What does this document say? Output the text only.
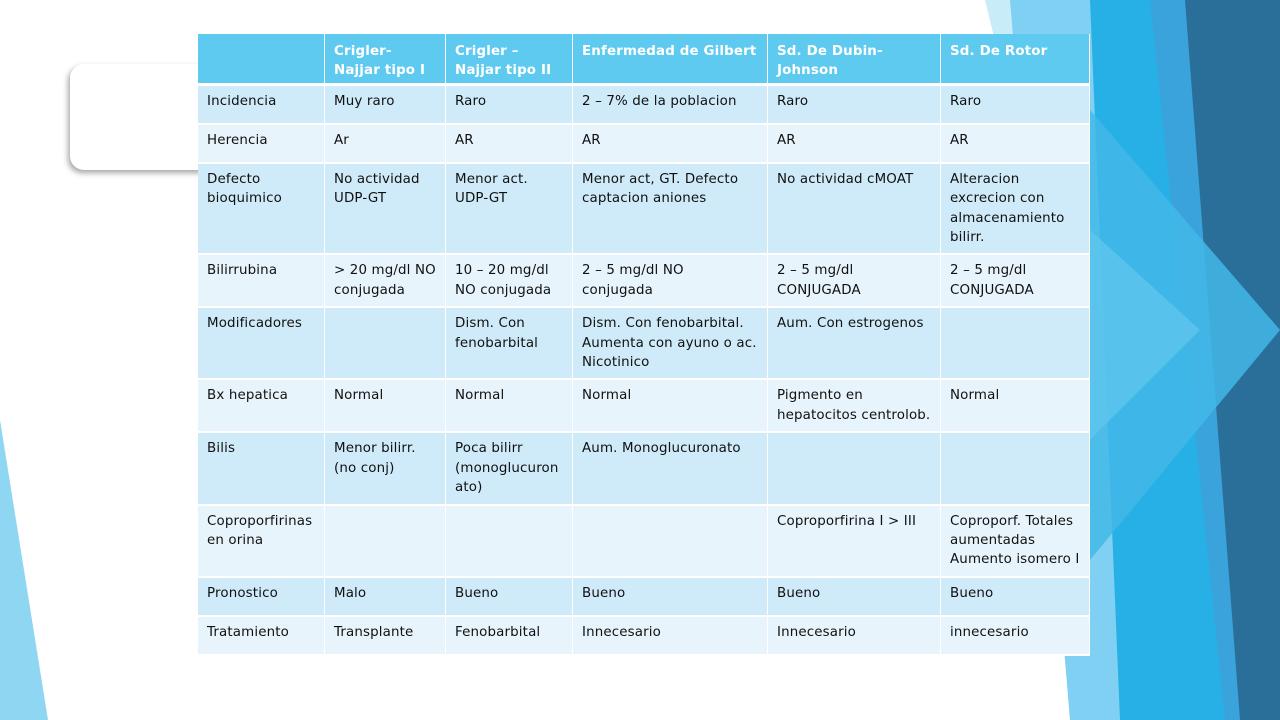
	Crigler-Najjar tipo I	Crigler – Najjar tipo II	Enfermedad de Gilbert	Sd. De Dubin-Johnson	Sd. De Rotor
Incidencia	Muy raro	Raro	2 – 7% de la poblacion	Raro	Raro
Herencia	Ar	AR	AR	AR	AR
Defecto bioquimico	No actividad UDP-GT	Menor act. UDP-GT	Menor act, GT. Defecto captacion aniones	No actividad cMOAT	Alteracion excrecion con almacenamiento bilirr.
Bilirrubina	> 20 mg/dl NO conjugada	10 – 20 mg/dl NO conjugada	2 – 5 mg/dl NO conjugada	2 – 5 mg/dl CONJUGADA	2 – 5 mg/dl CONJUGADA
Modificadores		Dism. Con fenobarbital	Dism. Con fenobarbital. Aumenta con ayuno o ac. Nicotinico	Aum. Con estrogenos	
Bx hepatica	Normal	Normal	Normal	Pigmento en hepatocitos centrolob.	Normal
Bilis	Menor bilirr. (no conj)	Poca bilirr (monoglucuronato)	Aum. Monoglucuronato		
Coproporfirinas en orina				Coproporfirina I > III	Coproporf. Totales aumentadas Aumento isomero I
Pronostico	Malo	Bueno	Bueno	Bueno	Bueno
Tratamiento	Transplante	Fenobarbital	Innecesario	Innecesario	innecesario
